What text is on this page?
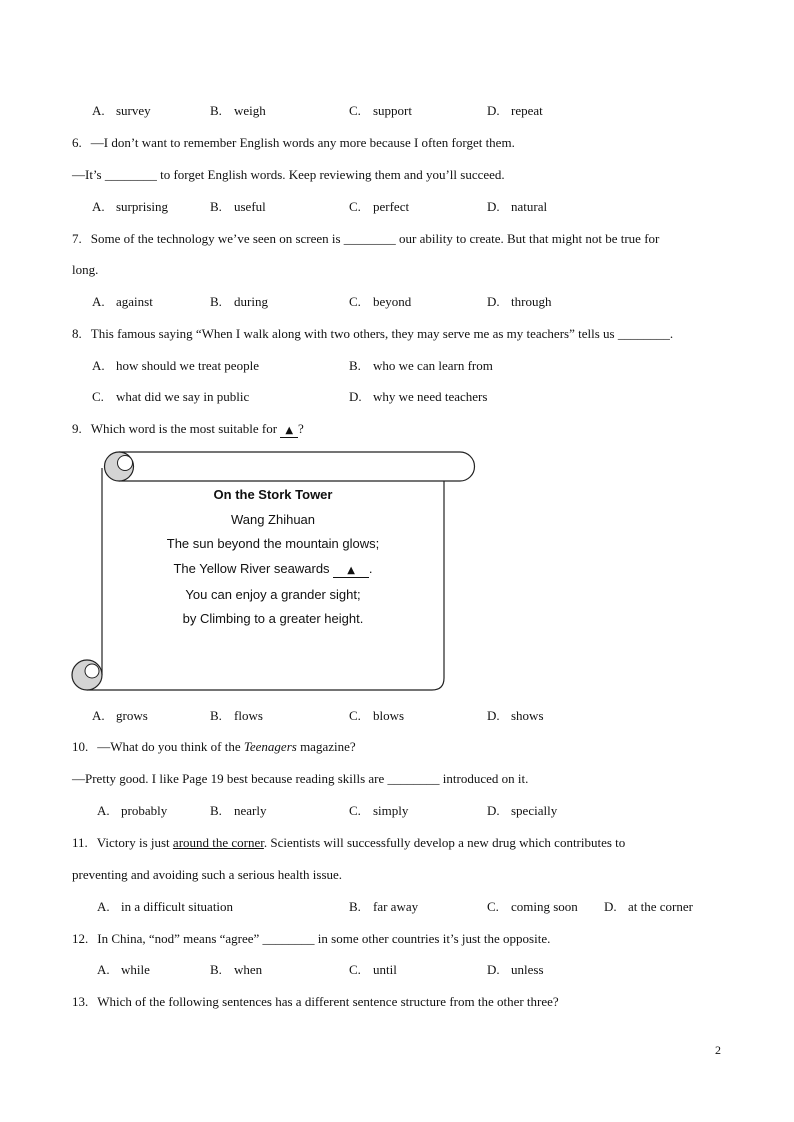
A. survey	B. weigh	C. support	D. repeat
6. —I don’t want to remember English words any more because I often forget them.
—It’s ________ to forget English words. Keep reviewing them and you’ll succeed.
A. surprising	B. useful	C. perfect	D. natural
7. Some of the technology we’ve seen on screen is ________ our ability to create. But that might not be true for
long.
A. against	B. during	C. beyond	D. through
8. This famous saying “When I walk along with two others, they may serve me as my teachers” tells us ________.
A. how should we treat people	B. who we can learn from
C. what did we say in public	D. why we need teachers
9. Which word is the most suitable for ▲ ?
On the Stork Tower
Wang Zhihuan
The sun beyond the mountain glows;
The Yellow River seawards ▲ .
You can enjoy a grander sight;
by Climbing to a greater height.
A. grows	B. flows	C. blows	D. shows
10. —What do you think of the Teenagers magazine?
—Pretty good. I like Page 19 best because reading skills are ________ introduced on it.
A. probably	B. nearly	C. simply	D. specially
11. Victory is just around the corner. Scientists will successfully develop a new drug which contributes to
preventing and avoiding such a serious health issue.
A. in a difficult situation	B. far away	C. coming soon D. at the corner
12. In China, “nod” means “agree” ________ in some other countries it’s just the opposite.
A. while	B. when	C. until	D. unless
13. Which of the following sentences has a different sentence structure from the other three?
2
